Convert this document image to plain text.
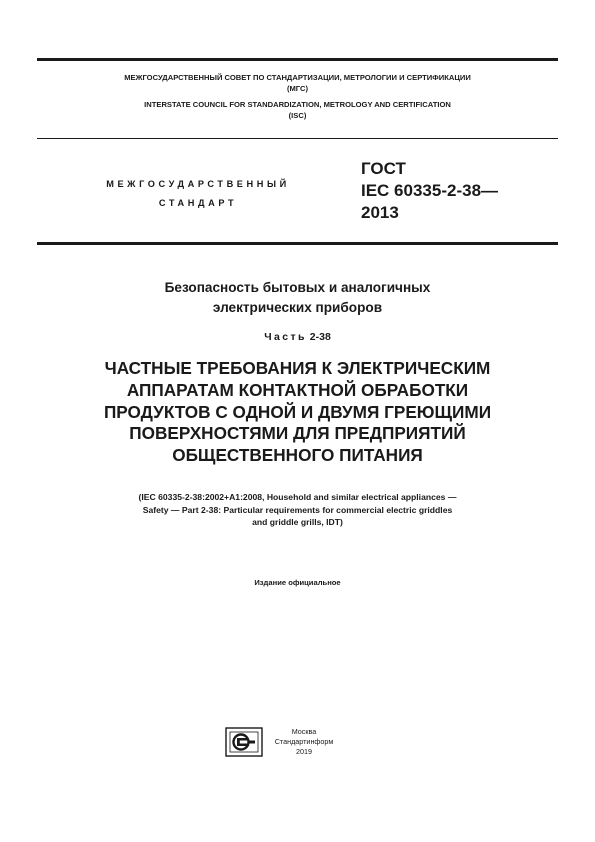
МЕЖГОСУДАРСТВЕННЫЙ СОВЕТ ПО СТАНДАРТИЗАЦИИ, МЕТРОЛОГИИ И СЕРТИФИКАЦИИ
(МГС)
INTERSTATE COUNCIL FOR STANDARDIZATION, METROLOGY AND CERTIFICATION
(ISC)
МЕЖГОСУДАРСТВЕННЫЙ
СТАНДАРТ
ГОСТ
IEC 60335-2-38—
2013
Безопасность бытовых и аналогичных
электрических приборов
Часть 2-38
ЧАСТНЫЕ ТРЕБОВАНИЯ К ЭЛЕКТРИЧЕСКИМ
АППАРАТАМ КОНТАКТНОЙ ОБРАБОТКИ
ПРОДУКТОВ С ОДНОЙ И ДВУМЯ ГРЕЮЩИМИ
ПОВЕРХНОСТЯМИ ДЛЯ ПРЕДПРИЯТИЙ
ОБЩЕСТВЕННОГО ПИТАНИЯ
(IEC 60335-2-38:2002+A1:2008, Household and similar electrical appliances —
Safety — Part 2-38: Particular requirements for commercial electric griddles
and griddle grills, IDT)
Издание официальное
Москва
Стандартинформ
2019
